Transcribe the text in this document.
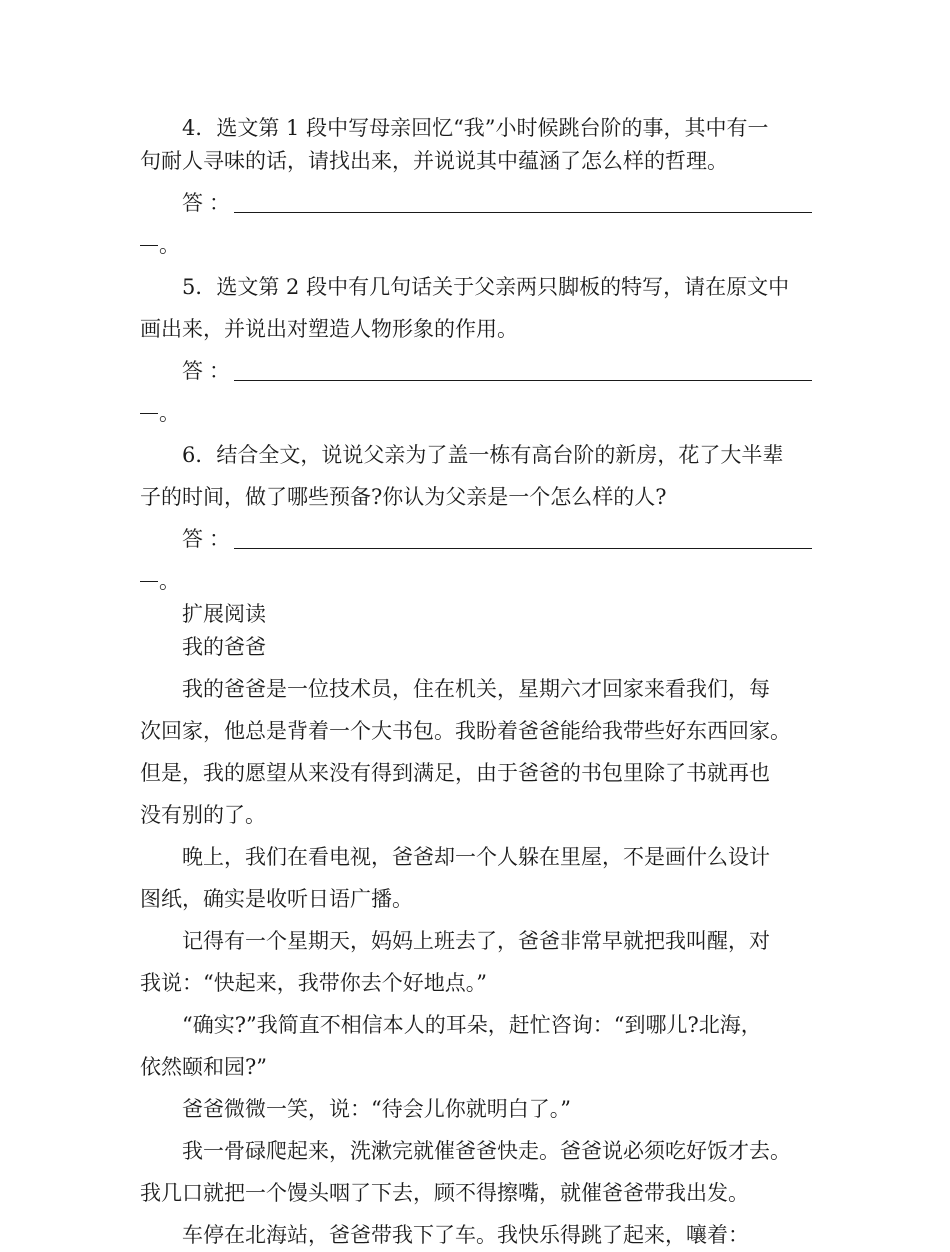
4．选文第 1 段中写母亲回忆“我”小时候跳台阶的事，其中有一
句耐人寻味的话，请找出来，并说说其中蕴涵了怎么样的哲理。
答：
。
5．选文第 2 段中有几句话关于父亲两只脚板的特写，请在原文中
画出来，并说出对塑造人物形象的作用。
答：
。
6．结合全文，说说父亲为了盖一栋有高台阶的新房，花了大半辈
子的时间，做了哪些预备?你认为父亲是一个怎么样的人?
答：
。
扩展阅读
我的爸爸
我的爸爸是一位技术员，住在机关，星期六才回家来看我们，每
次回家，他总是背着一个大书包。我盼着爸爸能给我带些好东西回家。
但是，我的愿望从来没有得到满足，由于爸爸的书包里除了书就再也
没有别的了。
晚上，我们在看电视，爸爸却一个人躲在里屋，不是画什么设计
图纸，确实是收听日语广播。
记得有一个星期天，妈妈上班去了，爸爸非常早就把我叫醒，对
我说：“快起来，我带你去个好地点。”
“确实?”我简直不相信本人的耳朵，赶忙咨询：“到哪儿?北海，
依然颐和园?”
爸爸微微一笑，说：“待会儿你就明白了。”
我一骨碌爬起来，洗漱完就催爸爸快走。爸爸说必须吃好饭才去。
我几口就把一个馒头咽了下去，顾不得擦嘴，就催爸爸带我出发。
车停在北海站，爸爸带我下了车。我快乐得跳了起来，嚷着：
